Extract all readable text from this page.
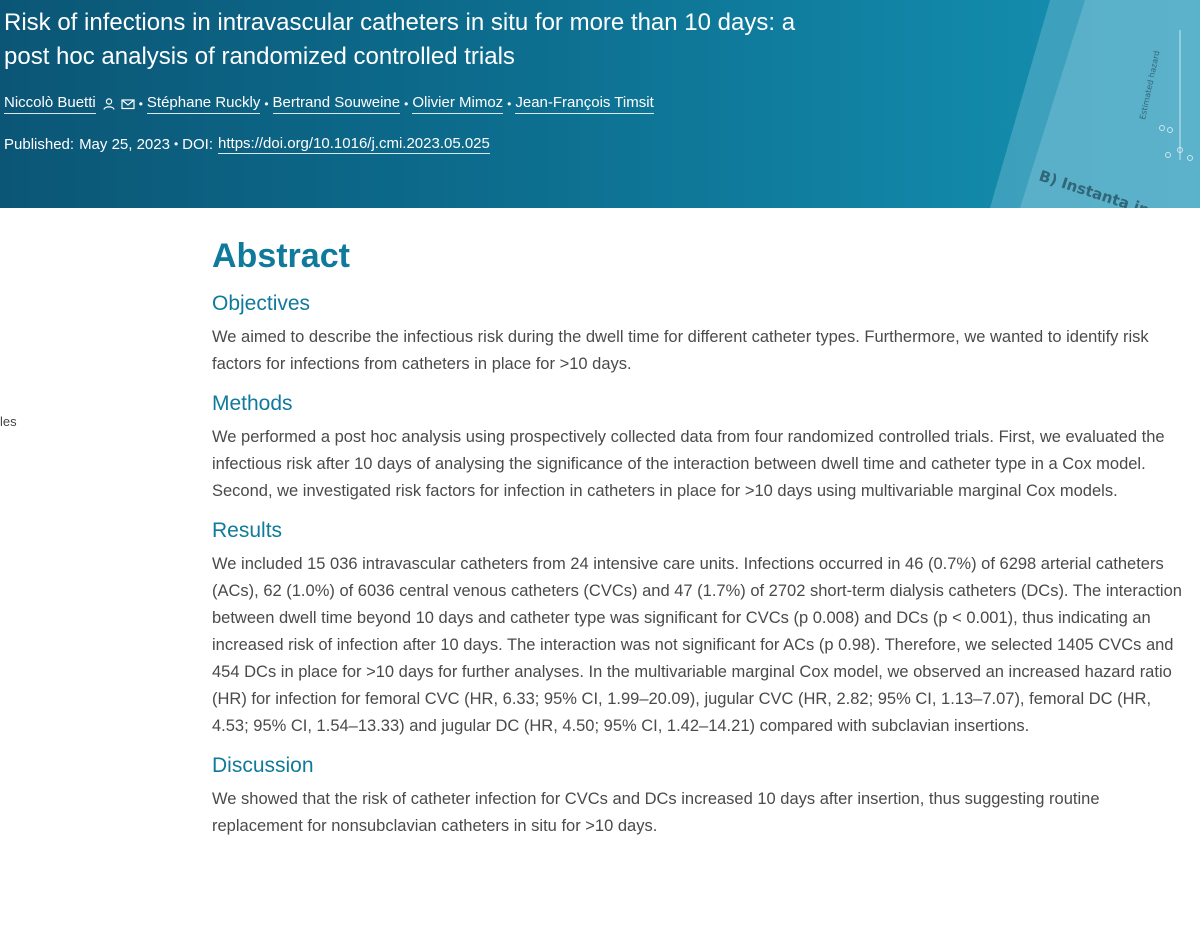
Estimated hazard
Risk of infections in intravascular catheters in situ for more than 10 days: a post hoc analysis of randomized controlled trials
Niccolò Buetti	• Stéphane Ruckly • Bertrand Souweine • Olivier Mimoz • Jean-François Timsit
Published: May 25, 2023 • DOI: https://doi.org/10.1016/j.cmi.2023.05.025
les
Abstract
Objectives

We aimed to describe the infectious risk during the dwell time for different catheter types. Furthermore, we wanted to identify risk factors for infections from catheters in place for >10 days.

Methods

We performed a post hoc analysis using prospectively collected data from four randomized controlled trials. First, we evaluated the infectious risk after 10 days of analysing the significance of the interaction between dwell time and catheter type in a Cox model. Second, we investigated risk factors for infection in catheters in place for >10 days using multivariable marginal Cox models.

Results

We included 15 036 intravascular catheters from 24 intensive care units. Infections occurred in 46 (0.7%) of 6298 arterial catheters (ACs), 62 (1.0%) of 6036 central venous catheters (CVCs) and 47 (1.7%) of 2702 short-term dialysis catheters (DCs). The interaction between dwell time beyond 10 days and catheter type was significant for CVCs (p 0.008) and DCs (p < 0.001), thus indicating an increased risk of infection after 10 days. The interaction was not significant for ACs (p 0.98). Therefore, we selected 1405 CVCs and 454 DCs in place for >10 days for further analyses. In the multivariable marginal Cox model, we observed an increased hazard ratio (HR) for infection for femoral CVC (HR, 6.33; 95% CI, 1.99–20.09), jugular CVC (HR, 2.82; 95% CI, 1.13–7.07), femoral DC (HR, 4.53; 95% CI, 1.54–13.33) and jugular DC (HR, 4.50; 95% CI, 1.42–14.21) compared with subclavian insertions.

Discussion

We showed that the risk of catheter infection for CVCs and DCs increased 10 days after insertion, thus suggesting routine replacement for nonsubclavian catheters in situ for >10 days.
